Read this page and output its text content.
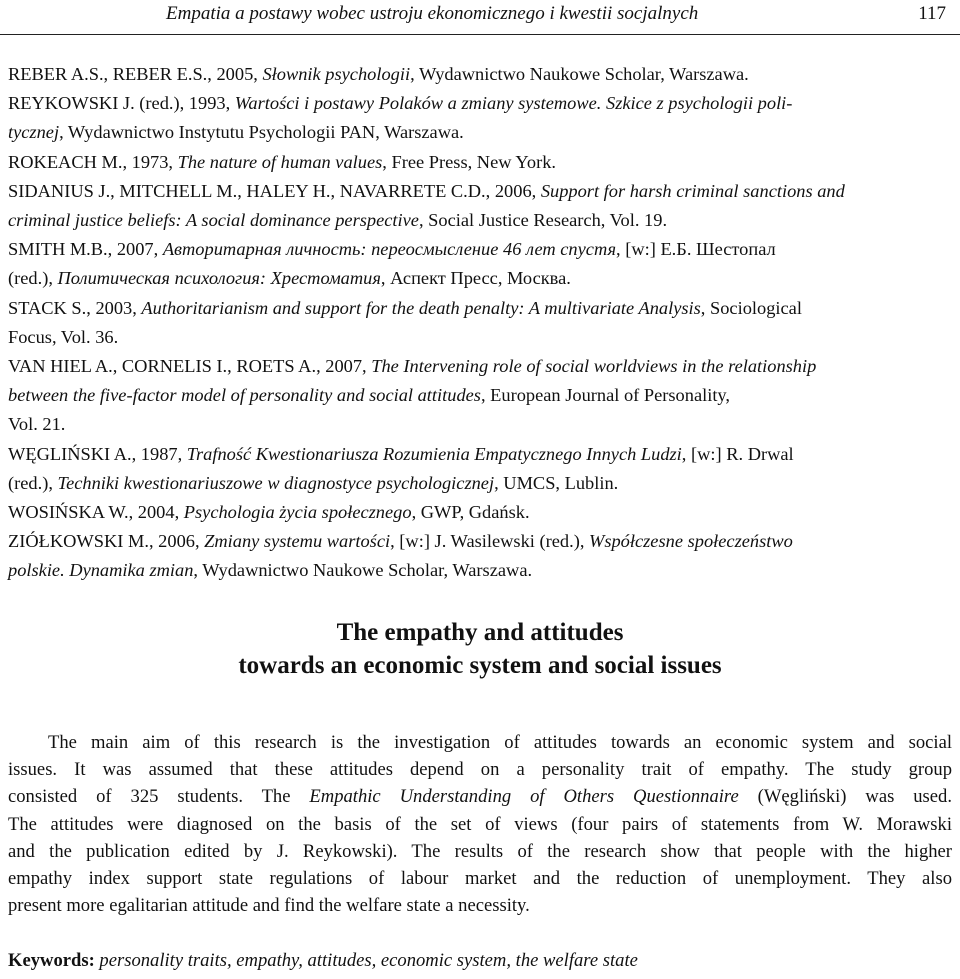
Empatia a postawy wobec ustroju ekonomicznego i kwestii socjalnych	117
REBER A.S., REBER E.S., 2005, Słownik psychologii, Wydawnictwo Naukowe Scholar, Warszawa.
REYKOWSKI J. (red.), 1993, Wartości i postawy Polaków a zmiany systemowe. Szkice z psychologii poli-
tycznej, Wydawnictwo Instytutu Psychologii PAN, Warszawa.
ROKEACH M., 1973, The nature of human values, Free Press, New York.
SIDANIUS J., MITCHELL M., HALEY H., NAVARRETE C.D., 2006, Support for harsh criminal sanctions and
criminal justice beliefs: A social dominance perspective, Social Justice Research, Vol. 19.
SMITH M.B., 2007, Авторитарная личность: переосмысление 46 лет спустя, [w:] Е.Б. Шестопал
(red.), Политическая психология: Хрестоматия, Аспект Пресс, Москва.
STACK S., 2003, Authoritarianism and support for the death penalty: A multivariate Analysis, Sociological
Focus, Vol. 36.
VAN HIEL A., CORNELIS I., ROETS A., 2007, The Intervening role of social worldviews in the relationship
between the five-factor model of personality and social attitudes, European Journal of Personality,
Vol. 21.
WĘGLIŃSKI A., 1987, Trafność Kwestionariusza Rozumienia Empatycznego Innych Ludzi, [w:] R. Drwal
(red.), Techniki kwestionariuszowe w diagnostyce psychologicznej, UMCS, Lublin.
WOSIŃSKA W., 2004, Psychologia życia społecznego, GWP, Gdańsk.
ZIÓŁKOWSKI M., 2006, Zmiany systemu wartości, [w:] J. Wasilewski (red.), Współczesne społeczeństwo
polskie. Dynamika zmian, Wydawnictwo Naukowe Scholar, Warszawa.
The empathy and attitudes
towards an economic system and social issues
The main aim of this research is the investigation of attitudes towards an economic system and social
issues. It was assumed that these attitudes depend on a personality trait of empathy. The study group
consisted of 325 students. The Empathic Understanding of Others Questionnaire (Węgliński) was used.
The attitudes were diagnosed on the basis of the set of views (four pairs of statements from W. Morawski
and the publication edited by J. Reykowski). The results of the research show that people with the higher
empathy index support state regulations of labour market and the reduction of unemployment. They also
present more egalitarian attitude and find the welfare state a necessity.
Keywords: personality traits, empathy, attitudes, economic system, the welfare state
